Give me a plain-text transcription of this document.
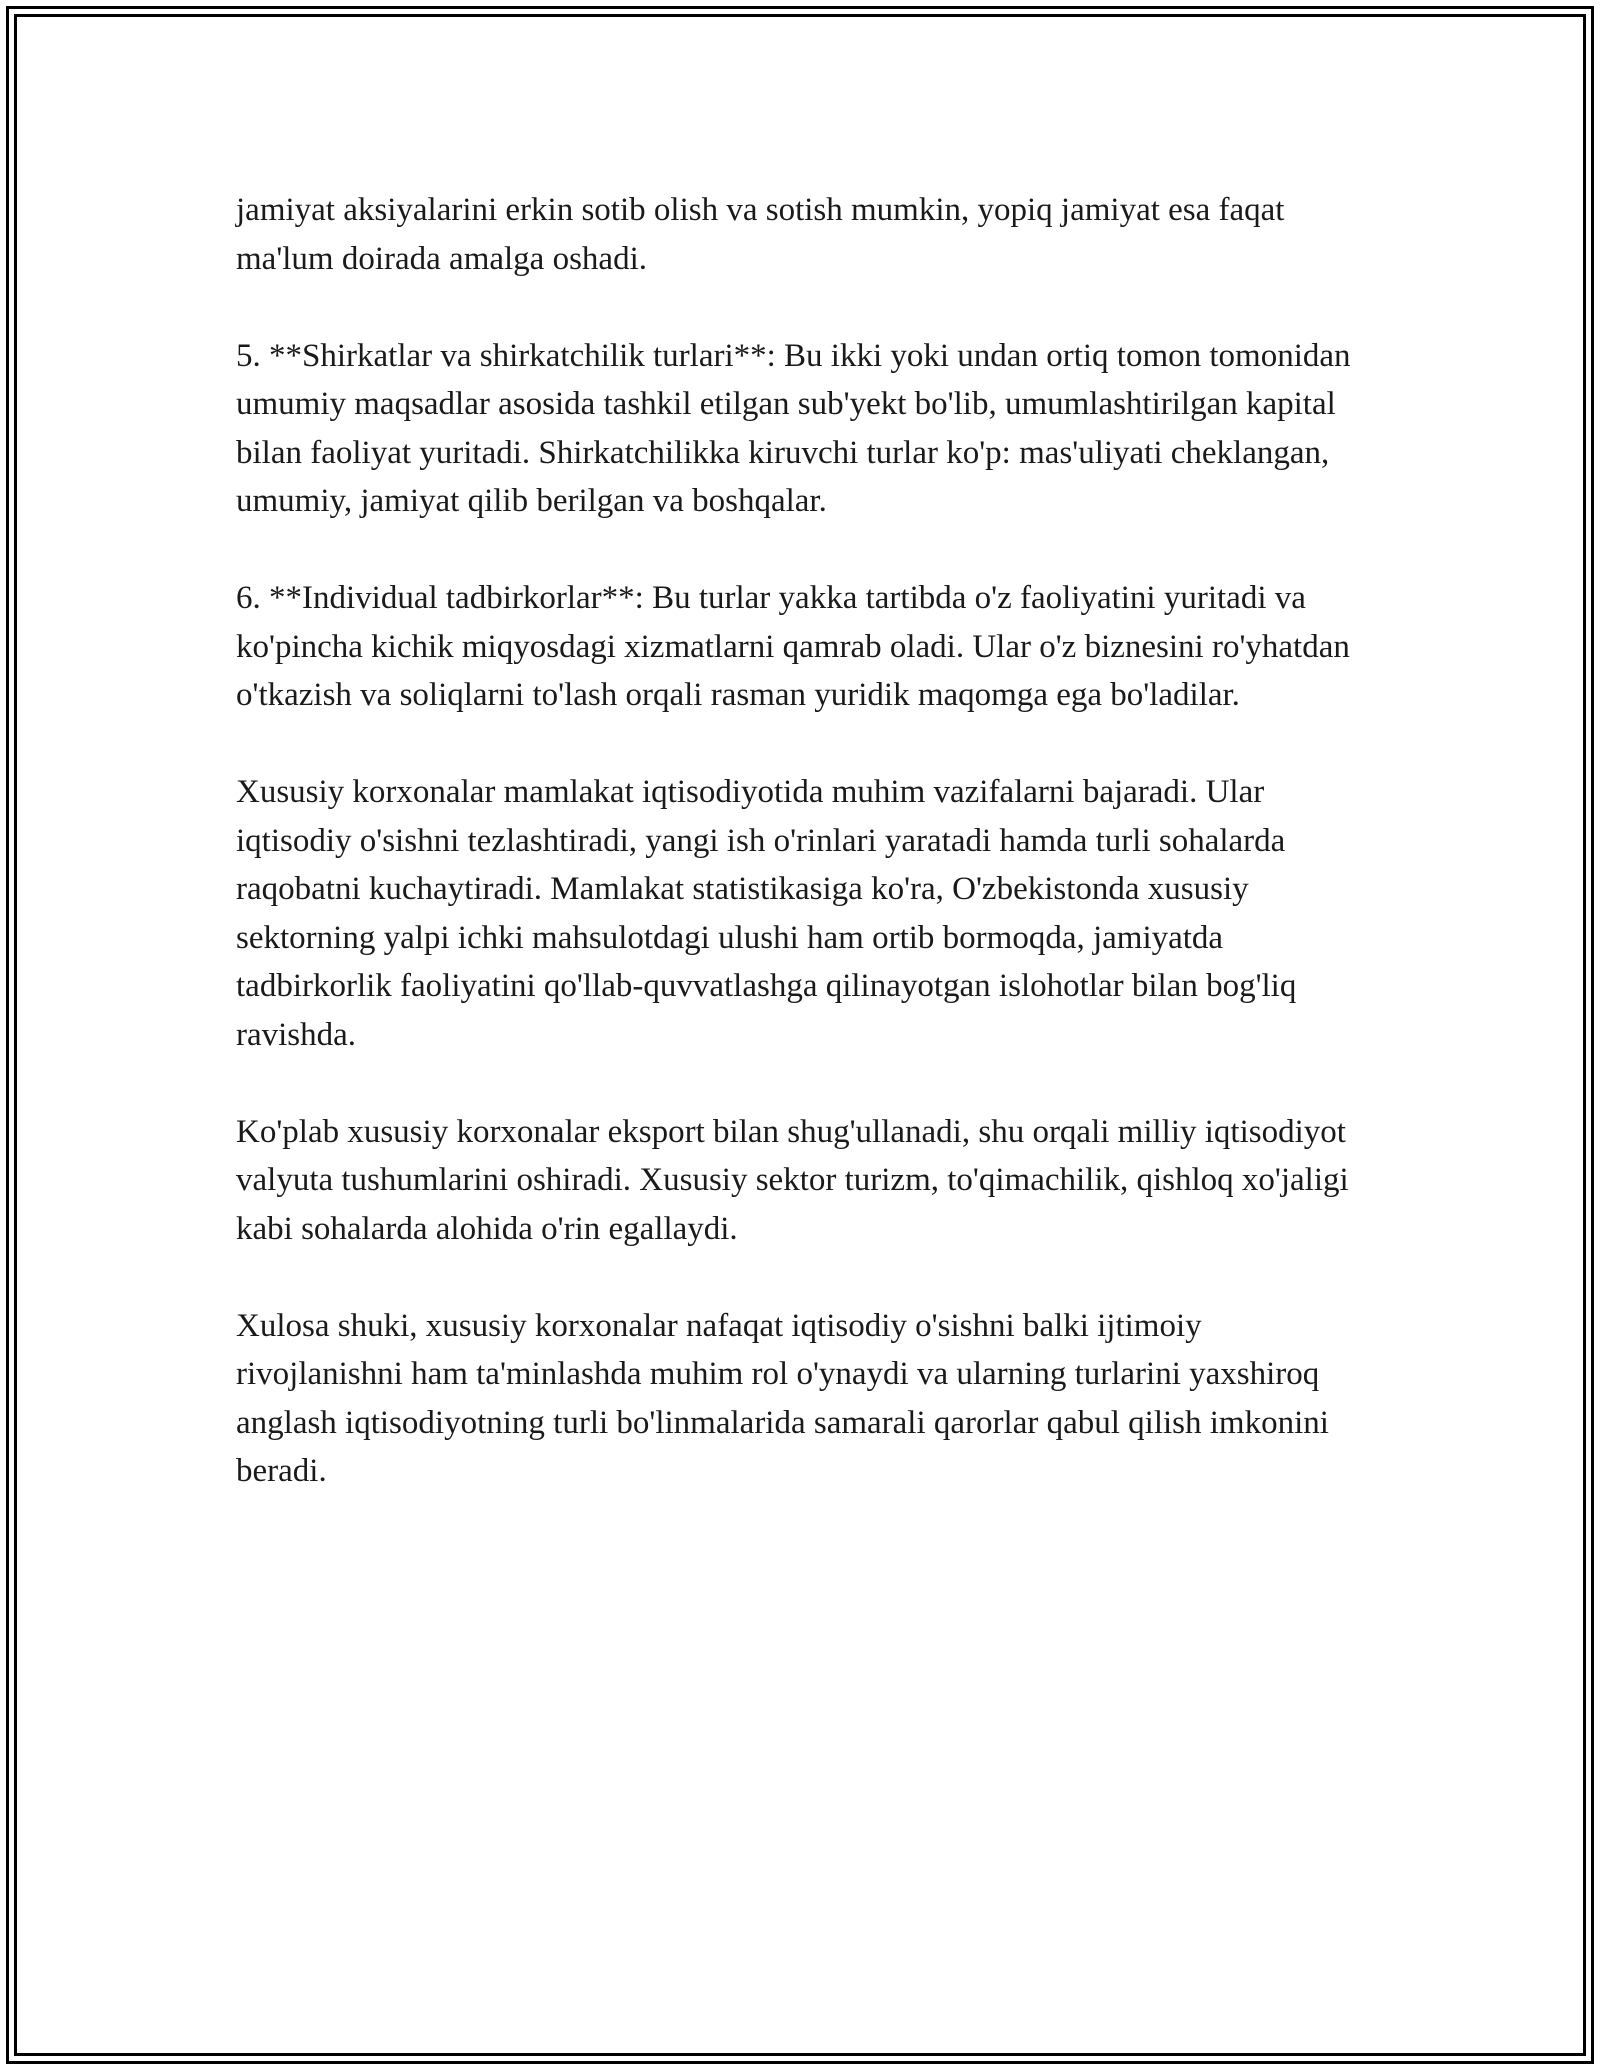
jamiyat aksiyalarini erkin sotib olish va sotish mumkin, yopiq jamiyat esa faqat ma'lum doirada amalga oshadi.

5. **Shirkatlar va shirkatchilik turlari**: Bu ikki yoki undan ortiq tomon tomonidan umumiy maqsadlar asosida tashkil etilgan sub'yekt bo'lib, umumlashtirilgan kapital bilan faoliyat yuritadi. Shirkatchilikka kiruvchi turlar ko'p: mas'uliyati cheklangan, umumiy, jamiyat qilib berilgan va boshqalar.

6. **Individual tadbirkorlar**: Bu turlar yakka tartibda o'z faoliyatini yuritadi va ko'pincha kichik miqyosdagi xizmatlarni qamrab oladi. Ular o'z biznesini ro'yhatdan o'tkazish va soliqlarni to'lash orqali rasman yuridik maqomga ega bo'ladilar.

Xususiy korxonalar mamlakat iqtisodiyotida muhim vazifalarni bajaradi. Ular iqtisodiy o'sishni tezlashtiradi, yangi ish o'rinlari yaratadi hamda turli sohalarda raqobatni kuchaytiradi. Mamlakat statistikasiga ko'ra, O'zbekistonda xususiy sektorning yalpi ichki mahsulotdagi ulushi ham ortib bormoqda, jamiyatda tadbirkorlik faoliyatini qo'llab-quvvatlashga qilinayotgan islohotlar bilan bog'liq ravishda.

Ko'plab xususiy korxonalar eksport bilan shug'ullanadi, shu orqali milliy iqtisodiyot valyuta tushumlarini oshiradi. Xususiy sektor turizm, to'qimachilik, qishloq xo'jaligi kabi sohalarda alohida o'rin egallaydi.

Xulosa shuki, xususiy korxonalar nafaqat iqtisodiy o'sishni balki ijtimoiy rivojlanishni ham ta'minlashda muhim rol o'ynaydi va ularning turlarini yaxshiroq anglash iqtisodiyotning turli bo'linmalarida samarali qarorlar qabul qilish imkonini beradi.
